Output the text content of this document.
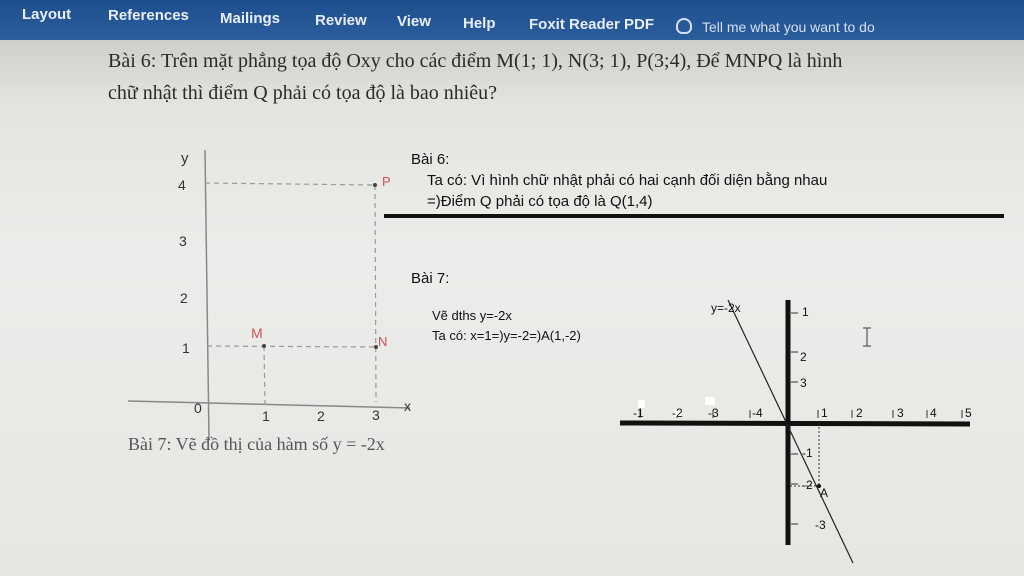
Layout References Mailings Review View Help Foxit Reader PDF	Tell me what you want to do
Bài 6: Trên mặt phẳng tọa độ Oxy cho các điểm M(1; 1), N(3; 1), P(3;4), Để MNPQ là hình
chữ nhật thì điểm Q phải có tọa độ là bao nhiêu?
y
x
0	1	2	3
1
2
3
4
M
N
P
Bài 6:
Ta có: Vì hình chữ nhật phải có hai cạnh đối diện bằng nhau
=)Điểm Q phải có tọa độ là Q(1,4)
Bài 7:
Vẽ dths y=-2x
Ta có: x=1=)y=-2=)A(1,-2)
y=-2x
A
-1 -2 -3	-4	1 2	3 4 5
1
2
3
-1
-2
-3
Bài 7: Vẽ đồ thị của hàm số y = -2x
